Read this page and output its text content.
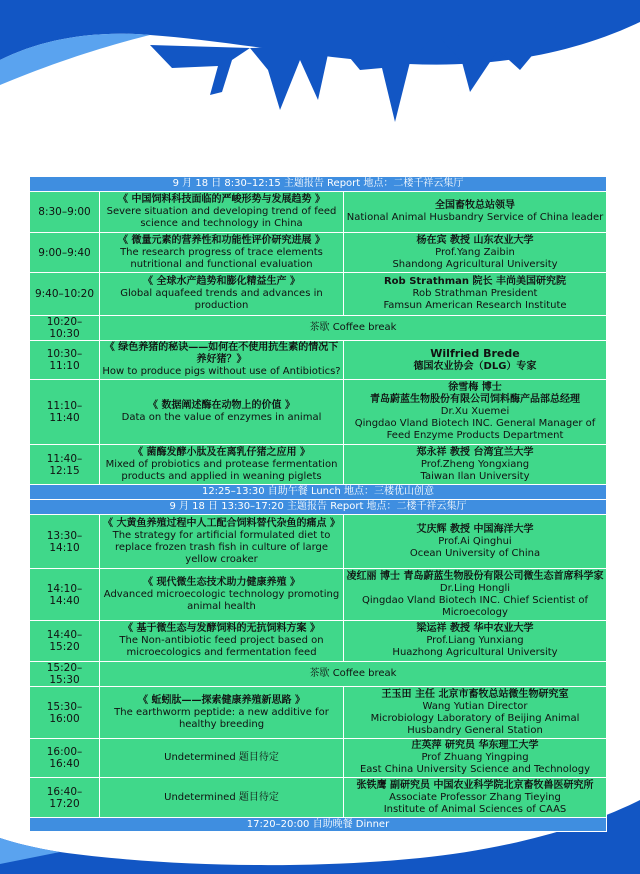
9 月 18 日 8:30–12:15 主题报告 Report 地点：二楼千祥云集厅		
8:30–9:00	《 中国饲料科技面临的严峻形势与发展趋势 》
Severe situation and developing trend of feed science and technology in China	全国畜牧总站领导
National Animal Husbandry Service of China leader
9:00–9:40	《 微量元素的营养性和功能性评价研究进展 》
The research progress of trace elements nutritional and functional evaluation	杨在宾 教授 山东农业大学
Prof.Yang Zaibin
Shandong Agricultural University
9:40–10:20	《 全球水产趋势和膨化精益生产 》
Global aquafeed trends and advances in production	Rob Strathman 院长 丰尚美国研究院
Rob Strathman President
Famsun American Research Institute
10:20–10:30	茶歇 Coffee break	
10:30–11:10	《 绿色养猪的秘诀——如何在不使用抗生素的情况下养好猪？》
How to produce pigs without use of Antibiotics?	Wilfried Brede
德国农业协会（DLG）专家
11:10–11:40	《 数据阐述酶在动物上的价值 》
Data on the value of enzymes in animal	徐雪梅 博士
青岛蔚蓝生物股份有限公司饲料酶产品部总经理
Dr.Xu Xuemei
Qingdao Vland Biotech INC. General Manager of Feed Enzyme Products Department
11:40–12:15	《 菌酶发酵小肽及在离乳仔猪之应用 》
Mixed of probiotics and protease fermentation products and applied in weaning piglets	郑永祥 教授 台湾宜兰大学
Prof.Zheng Yongxiang
Taiwan Ilan University
12:25–13:30 自助午餐 Lunch 地点：三楼优山创意		
9 月 18 日 13:30–17:20 主题报告 Report 地点：二楼千祥云集厅		
13:30–14:10	《 大黄鱼养殖过程中人工配合饲料替代杂鱼的痛点 》
The strategy for artificial formulated diet to replace frozen trash fish in culture of large yellow croaker	艾庆辉 教授 中国海洋大学
Prof.Ai Qinghui
Ocean University of China
14:10–14:40	《 现代微生态技术助力健康养殖 》
Advanced microecologic technology promoting animal health	凌红丽 博士 青岛蔚蓝生物股份有限公司微生态首席科学家
Dr.Ling Hongli
Qingdao Vland Biotech INC. Chief Scientist of Microecology
14:40–15:20	《 基于微生态与发酵饲料的无抗饲料方案 》
The Non-antibiotic feed project based on microecologics and fermentation feed	梁运祥 教授 华中农业大学
Prof.Liang Yunxiang
Huazhong Agricultural University
15:20–15:30	茶歇 Coffee break	
15:30–16:00	《 蚯蚓肽——探索健康养殖新思路 》
The earthworm peptide: a new additive for healthy breeding	王玉田 主任 北京市畜牧总站微生物研究室
Wang Yutian Director
Microbiology Laboratory of Beijing Animal Husbandry General Station
16:00–16:40	Undetermined 题目待定	庄英萍 研究员 华东理工大学
Prof Zhuang Yingping
East China University Science and Technology
16:40–17:20	Undetermined 题目待定	张铁鹰 副研究员 中国农业科学院北京畜牧兽医研究所
Associate Professor Zhang Tieying
Institute of Animal Sciences of CAAS
17:20–20:00 自助晚餐 Dinner		
